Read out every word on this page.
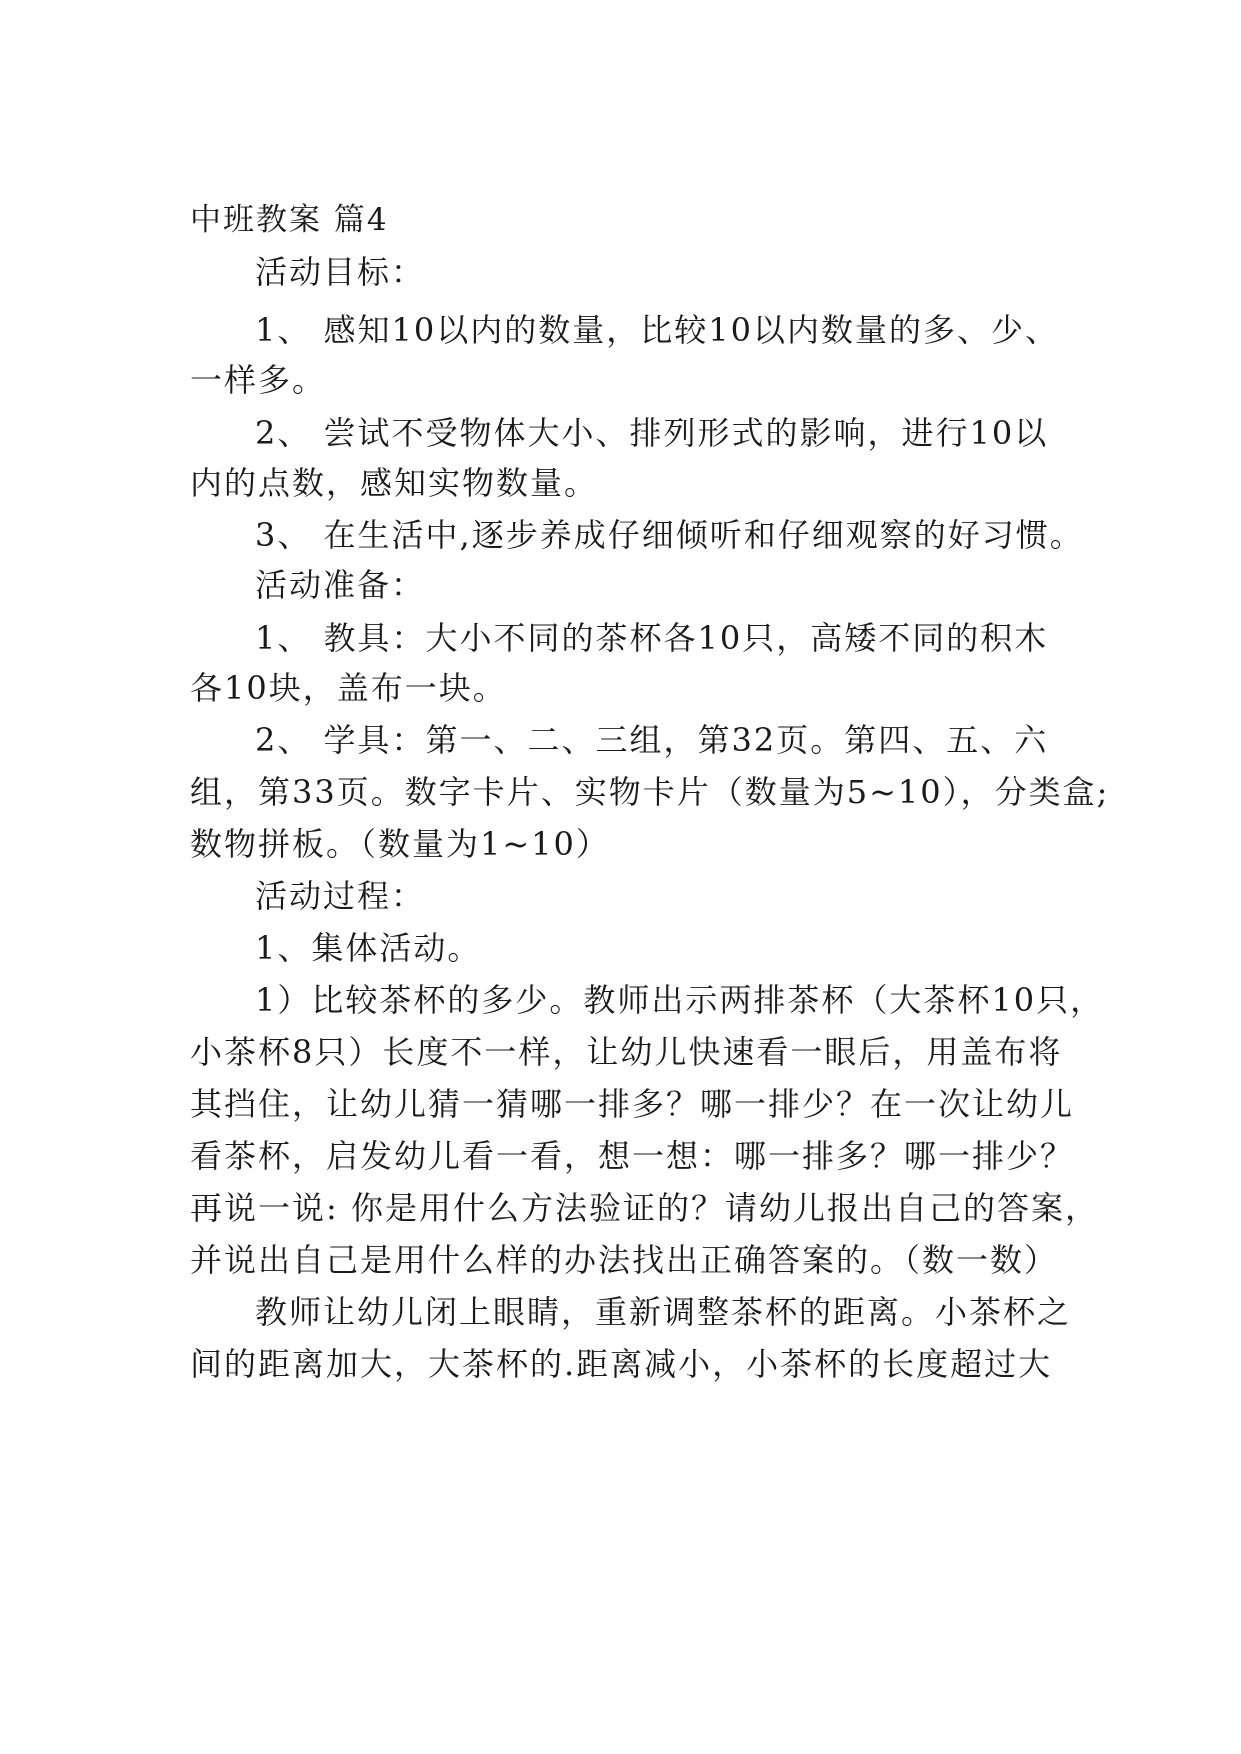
中班教案 篇4
活动目标：
1、 感知10以内的数量，比较10以内数量的多、少、
一样多。
2、 尝试不受物体大小、排列形式的影响，进行10以
内的点数，感知实物数量。
3、 在生活中,逐步养成仔细倾听和仔细观察的好习惯。
活动准备：
1、 教具：大小不同的茶杯各10只，高矮不同的积木
各10块，盖布一块。
2、 学具：第一、二、三组，第32页。第四、五、六
组，第33页。数字卡片、实物卡片（数量为5~10），分类盒;
数物拼板。（数量为1~10）
活动过程：
1、集体活动。
1）比较茶杯的多少。教师出示两排茶杯（大茶杯10只，
小茶杯8只）长度不一样，让幼儿快速看一眼后，用盖布将
其挡住，让幼儿猜一猜哪一排多？哪一排少？在一次让幼儿
看茶杯，启发幼儿看一看，想一想：哪一排多？哪一排少？
再说一说: 你是用什么方法验证的？请幼儿报出自己的答案，
并说出自己是用什么样的办法找出正确答案的。（数一数）
教师让幼儿闭上眼睛，重新调整茶杯的距离。小茶杯之
间的距离加大，大茶杯的.距离减小，小茶杯的长度超过大
